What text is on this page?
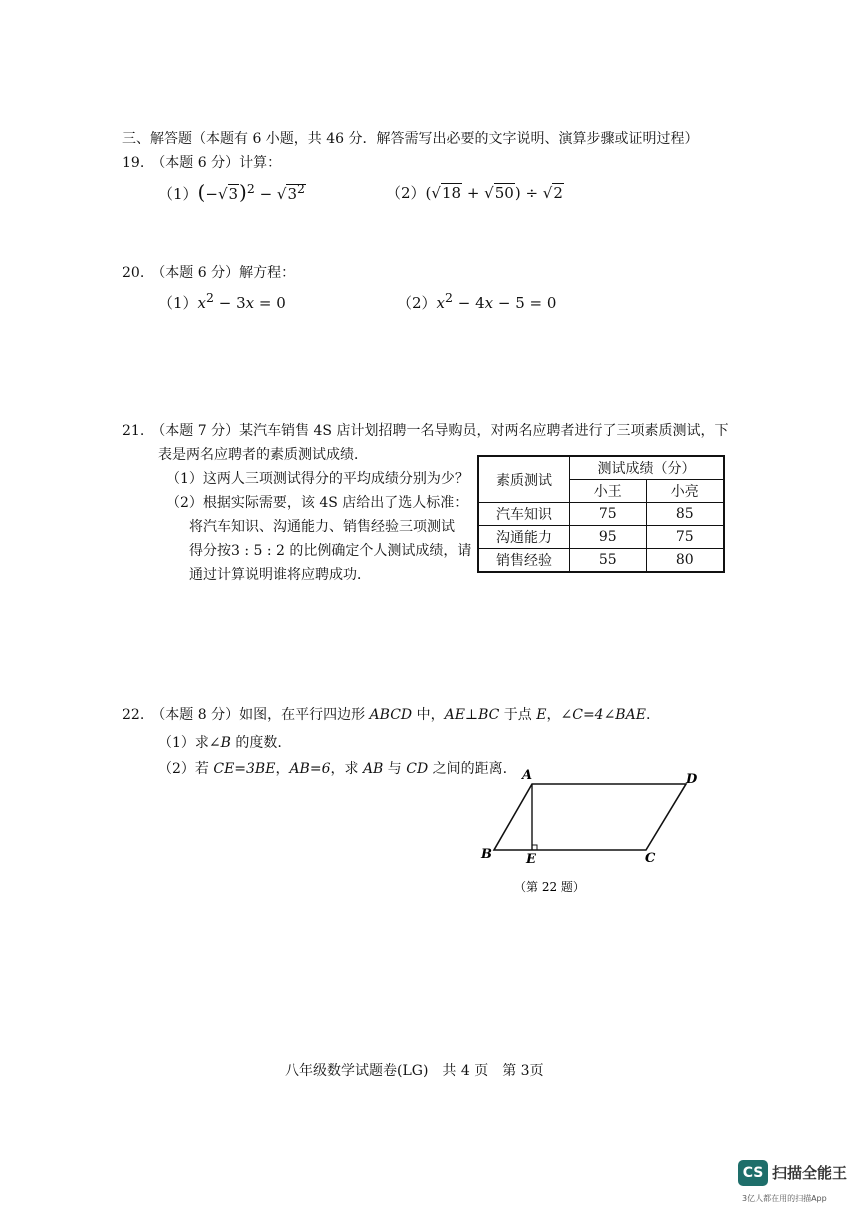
三、解答题（本题有 6 小题，共 46 分．解答需写出必要的文字说明、演算步骤或证明过程）
19.　（本题 6 分）计算：
$(1)(-√3)^2 - √3^2$	（2）(√18 + √50) ÷ √2
20.　（本题 6 分）解方程：
$(1)x^2 - 3x = 0$	$(2)x^2 - 4x - 5 = 0$
21.　（本题 7 分）某汽车销售 4S 店计划招聘一名导购员，对两名应聘者进行了三项素质测试，下
表是两名应聘者的素质测试成绩．
（1）这两人三项测试得分的平均成绩分别为少？
（2）根据实际需要，该 4S 店给出了选人标准：
将汽车知识、沟通能力、销售经验三项测试
得分按3 : 5 : 2 的比例确定个人测试成绩，请
通过计算说明谁将应聘成功．
素质测试	测试成绩（分）	
	小王	小亮
汽车知识	75	85
沟通能力	95	75
销售经验	55	80
22.　（本题 8 分）如图，在平行四边形 ABCD 中，AE⊥BC 于点 E，∠C=4∠BAE.
（1）求∠B 的度数.
（2）若 CE=3BE，AB=6，求 AB 与 CD 之间的距离. A	D
B	E	C
（第 22 题）
八年级数学试题卷(LG)　共 4 页　第 3页
CS 扫描全能王
3亿人都在用的扫描App
